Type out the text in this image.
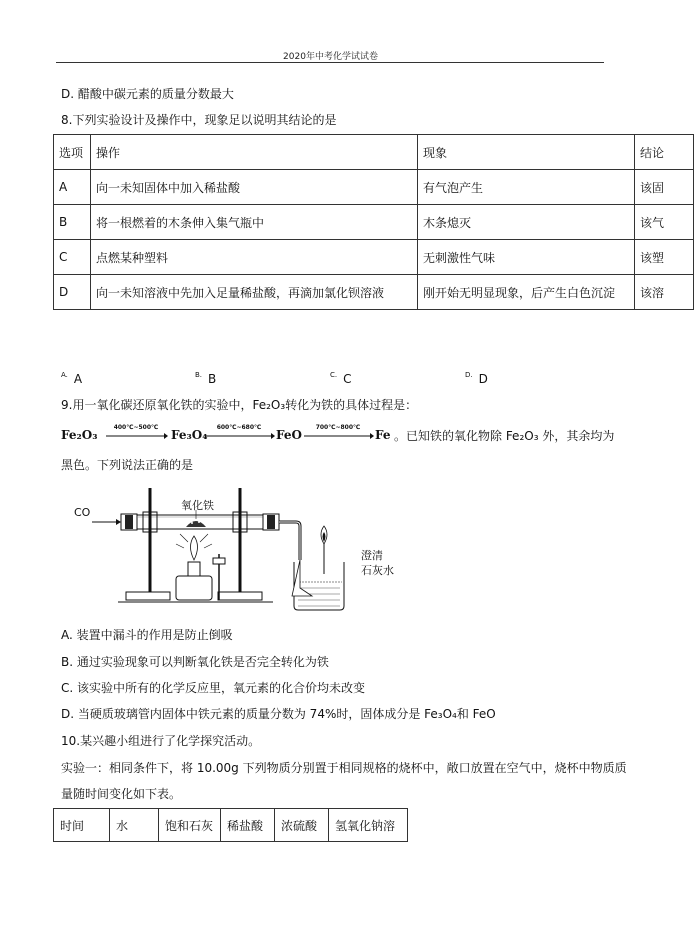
2020年中考化学试试卷
D. 醋酸中碳元素的质量分数最大
8.下列实验设计及操作中，现象足以说明其结论的是
选项	操作	现象	结论
A	向一未知固体中加入稀盐酸	有气泡产生	该固
B	将一根燃着的木条伸入集气瓶中	木条熄灭	该气
C	点燃某种塑料	无刺激性气味	该塑
D	向一未知溶液中先加入足量稀盐酸，再滴加氯化钡溶液	刚开始无明显现象，后产生白色沉淀	该溶
$^{A.}$ A	$^{B.}$ B	$^{C.}$ C	$^{D.}$ D
9.用一氧化碳还原氧化铁的实验中，Fe₂O₃转化为铁的具体过程是：
Fe₂O₃
400℃~500℃
→ Fe₃O₄
600℃~680℃
FeO
700℃~800℃
Fe 。已知铁的氧化物除 Fe₂O₃ 外，其余均为
黑色。下列说法正确的是
CO
氧化铁
澄清
石灰水
A. 装置中漏斗的作用是防止倒吸
B. 通过实验现象可以判断氧化铁是否完全转化为铁
C. 该实验中所有的化学反应里，氧元素的化合价均未改变
D. 当硬质玻璃管内固体中铁元素的质量分数为 74%时，固体成分是 Fe₃O₄和 FeO
10.某兴趣小组进行了化学探究活动。
实验一：相同条件下，将 10.00g 下列物质分别置于相同规格的烧杯中，敞口放置在空气中，烧杯中物质质
量随时间变化如下表。
时间	水	饱和石灰	稀盐酸	浓硫酸	氢氧化钠溶
